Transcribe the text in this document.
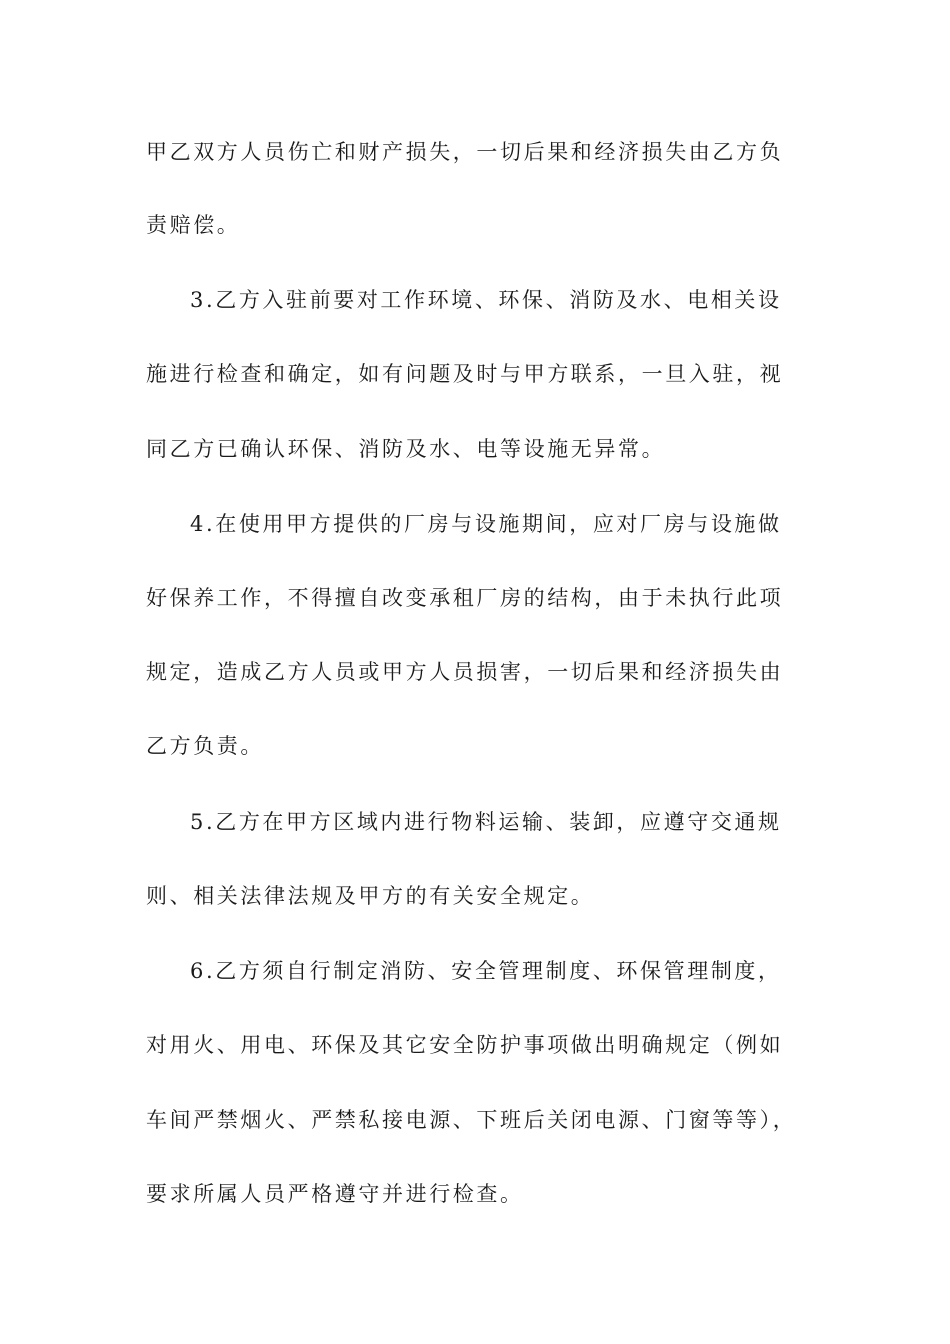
甲乙双方人员伤亡和财产损失，一切后果和经济损失由乙方负
责赔偿。
3.乙方入驻前要对工作环境、环保、消防及水、电相关设
施进行检查和确定，如有问题及时与甲方联系，一旦入驻，视
同乙方已确认环保、消防及水、电等设施无异常。
4.在使用甲方提供的厂房与设施期间，应对厂房与设施做
好保养工作，不得擅自改变承租厂房的结构，由于未执行此项
规定，造成乙方人员或甲方人员损害，一切后果和经济损失由
乙方负责。
5.乙方在甲方区域内进行物料运输、装卸，应遵守交通规
则、相关法律法规及甲方的有关安全规定。
6.乙方须自行制定消防、安全管理制度、环保管理制度，
对用火、用电、环保及其它安全防护事项做出明确规定（例如
车间严禁烟火、严禁私接电源、下班后关闭电源、门窗等等），
要求所属人员严格遵守并进行检查。
